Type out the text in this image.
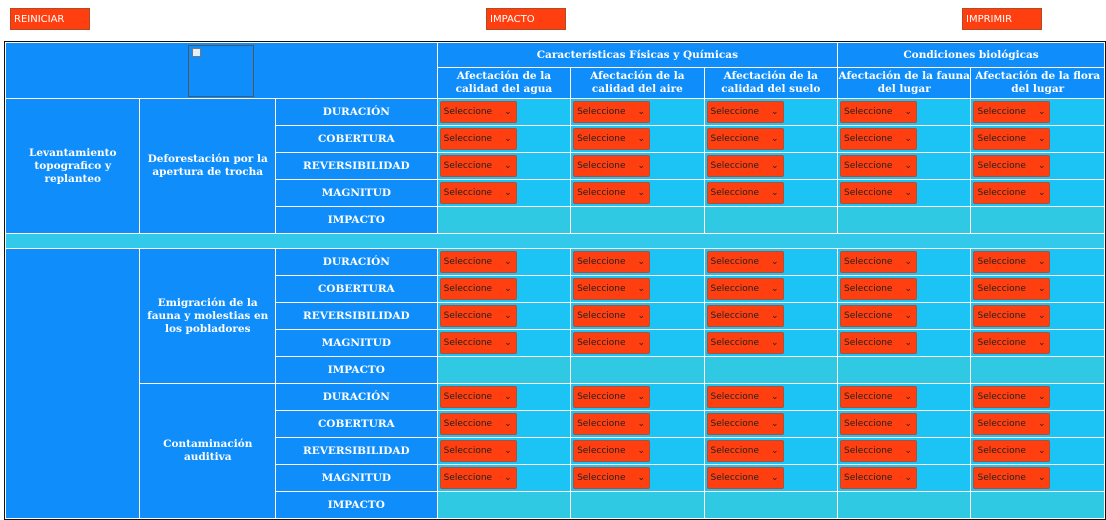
REINICIAR	IMPACTO	IMPRIMIR
			Características Físicas y Químicas			Condiciones biológicas	
			Afectación de la calidad del agua	Afectación de la calidad del aire	Afectación de la calidad del suelo	Afectación de la fauna del lugar	Afectación de la flora del lugar
Levantamiento topografico y replanteo	Deforestación por la apertura de trocha	DURACIÓN	Seleccione ⌄	Seleccione ⌄	Seleccione ⌄	Seleccione ⌄	Seleccione ⌄

		COBERTURA	Seleccione ⌄	Seleccione ⌄	Seleccione ⌄	Seleccione ⌄	Seleccione ⌄

		REVERSIBILIDAD	Seleccione ⌄	Seleccione ⌄	Seleccione ⌄	Seleccione ⌄	Seleccione ⌄

		MAGNITUD	Seleccione ⌄	Seleccione ⌄	Seleccione ⌄	Seleccione ⌄	Seleccione ⌄

		IMPACTO					

	Emigración de la fauna y molestias en los pobladores	DURACIÓN	Seleccione ⌄	Seleccione ⌄	Seleccione ⌄	Seleccione ⌄	Seleccione ⌄

		COBERTURA	Seleccione ⌄	Seleccione ⌄	Seleccione ⌄	Seleccione ⌄	Seleccione ⌄

		REVERSIBILIDAD	Seleccione ⌄	Seleccione ⌄	Seleccione ⌄	Seleccione ⌄	Seleccione ⌄

		MAGNITUD	Seleccione ⌄	Seleccione ⌄	Seleccione ⌄	Seleccione ⌄	Seleccione ⌄

		IMPACTO					
	Contaminación auditiva	DURACIÓN	Seleccione ⌄	Seleccione ⌄	Seleccione ⌄	Seleccione ⌄	Seleccione ⌄

		COBERTURA	Seleccione ⌄	Seleccione ⌄	Seleccione ⌄	Seleccione ⌄	Seleccione ⌄

		REVERSIBILIDAD	Seleccione ⌄	Seleccione ⌄	Seleccione ⌄	Seleccione ⌄	Seleccione ⌄

		MAGNITUD	Seleccione ⌄	Seleccione ⌄	Seleccione ⌄	Seleccione ⌄	Seleccione ⌄

		IMPACTO					
